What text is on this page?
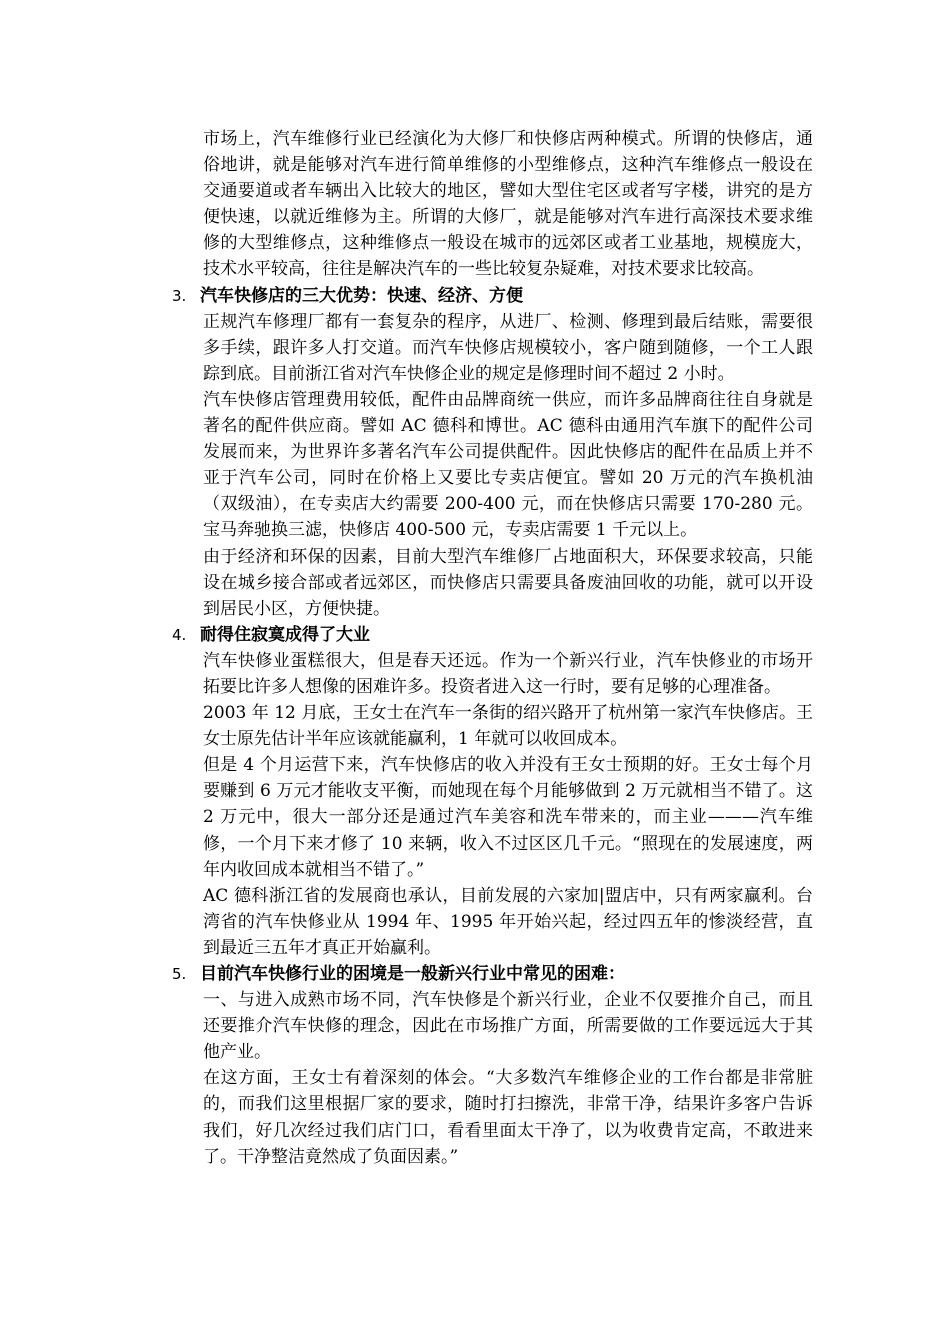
市场上，汽车维修行业已经演化为大修厂和快修店两种模式。所谓的快修店，通俗地讲，就是能够对汽车进行简单维修的小型维修点，这种汽车维修点一般设在交通要道或者车辆出入比较大的地区，譬如大型住宅区或者写字楼，讲究的是方便快速，以就近维修为主。所谓的大修厂，就是能够对汽车进行高深技术要求维修的大型维修点，这种维修点一般设在城市的远郊区或者工业基地，规模庞大，技术水平较高，往往是解决汽车的一些比较复杂疑难，对技术要求比较高。

3. 汽车快修店的三大优势：快速、经济、方便

正规汽车修理厂都有一套复杂的程序，从进厂、检测、修理到最后结账，需要很多手续，跟许多人打交道。而汽车快修店规模较小，客户随到随修，一个工人跟踪到底。目前浙江省对汽车快修企业的规定是修理时间不超过 2 小时。

汽车快修店管理费用较低，配件由品牌商统一供应，而许多品牌商往往自身就是著名的配件供应商。譬如 AC 德科和博世。AC 德科由通用汽车旗下的配件公司发展而来，为世界许多著名汽车公司提供配件。因此快修店的配件在品质上并不亚于汽车公司，同时在价格上又要比专卖店便宜。譬如 20 万元的汽车换机油（双级油），在专卖店大约需要 200-400 元，而在快修店只需要 170-280 元。宝马奔驰换三滤，快修店 400-500 元，专卖店需要 1 千元以上。

由于经济和环保的因素，目前大型汽车维修厂占地面积大，环保要求较高，只能设在城乡接合部或者远郊区，而快修店只需要具备废油回收的功能，就可以开设到居民小区，方便快捷。

4. 耐得住寂寞成得了大业

汽车快修业蛋糕很大，但是春天还远。作为一个新兴行业，汽车快修业的市场开拓要比许多人想像的困难许多。投资者进入这一行时，要有足够的心理准备。

2003 年 12 月底，王女士在汽车一条街的绍兴路开了杭州第一家汽车快修店。王女士原先估计半年应该就能赢利，1 年就可以收回成本。

但是 4 个月运营下来，汽车快修店的收入并没有王女士预期的好。王女士每个月要赚到 6 万元才能收支平衡，而她现在每个月能够做到 2 万元就相当不错了。这 2 万元中，很大一部分还是通过汽车美容和洗车带来的，而主业———汽车维修，一个月下来才修了 10 来辆，收入不过区区几千元。“照现在的发展速度，两年内收回成本就相当不错了。”

AC 德科浙江省的发展商也承认，目前发展的六家加|盟店中，只有两家赢利。台湾省的汽车快修业从 1994 年、1995 年开始兴起，经过四五年的惨淡经营，直到最近三五年才真正开始赢利。

5. 目前汽车快修行业的困境是一般新兴行业中常见的困难：

一、与进入成熟市场不同，汽车快修是个新兴行业，企业不仅要推介自己，而且还要推介汽车快修的理念，因此在市场推广方面，所需要做的工作要远远大于其他产业。

在这方面，王女士有着深刻的体会。“大多数汽车维修企业的工作台都是非常脏的，而我们这里根据厂家的要求，随时打扫擦洗，非常干净，结果许多客户告诉我们，好几次经过我们店门口，看看里面太干净了，以为收费肯定高，不敢进来了。干净整洁竟然成了负面因素。”
